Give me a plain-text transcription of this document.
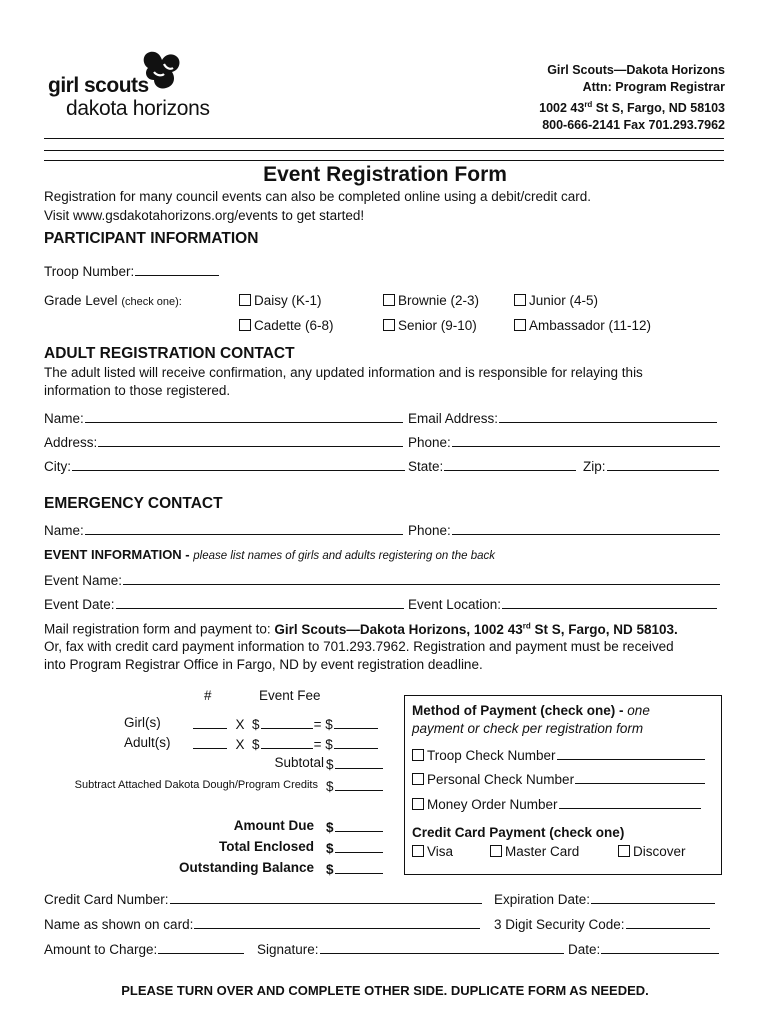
girl scouts
dakota horizons
Girl Scouts—Dakota Horizons
Attn: Program Registrar
1002 43rd St S, Fargo, ND 58103
800-666-2141 Fax 701.293.7962
Event Registration Form
Registration for many council events can also be completed online using a debit/credit card.
Visit www.gsdakotahorizons.org/events to get started!
PARTICIPANT INFORMATION
Troop Number:
Grade Level (check one):	Daisy (K-1)	Brownie (2-3)	Junior (4-5)
Cadette (6-8)	Senior (9-10)	Ambassador (11-12)
ADULT REGISTRATION CONTACT
The adult listed will receive confirmation, any updated information and is responsible for relaying this
information to those registered.
Name:	Email Address:
Address:	Phone:
City:	State:	Zip:
EMERGENCY CONTACT
Name:	Phone:
EVENT INFORMATION - please list names of girls and adults registering on the back
Event Name:
Event Date:	Event Location:
Mail registration form and payment to: Girl Scouts—Dakota Horizons, 1002 43rd St S, Fargo, ND 58103.
Or, fax with credit card payment information to 701.293.7962. Registration and payment must be received
into Program Registrar Office in Fargo, ND by event registration deadline.
#	Event Fee
Girl(s)	X $	= $
Adult(s)	X $	= $
Subtotal $
Subtract Attached Dakota Dough/Program Credits $
Amount Due $
Total Enclosed $
Outstanding Balance $
Method of Payment (check one) - one
payment or check per registration form
Troop Check Number
Personal Check Number
Money Order Number
Credit Card Payment (check one)
Visa	Master Card	Discover
Credit Card Number:	Expiration Date:
Name as shown on card:	3 Digit Security Code:
Amount to Charge:	Signature:	Date:
PLEASE TURN OVER AND COMPLETE OTHER SIDE. DUPLICATE FORM AS NEEDED.
